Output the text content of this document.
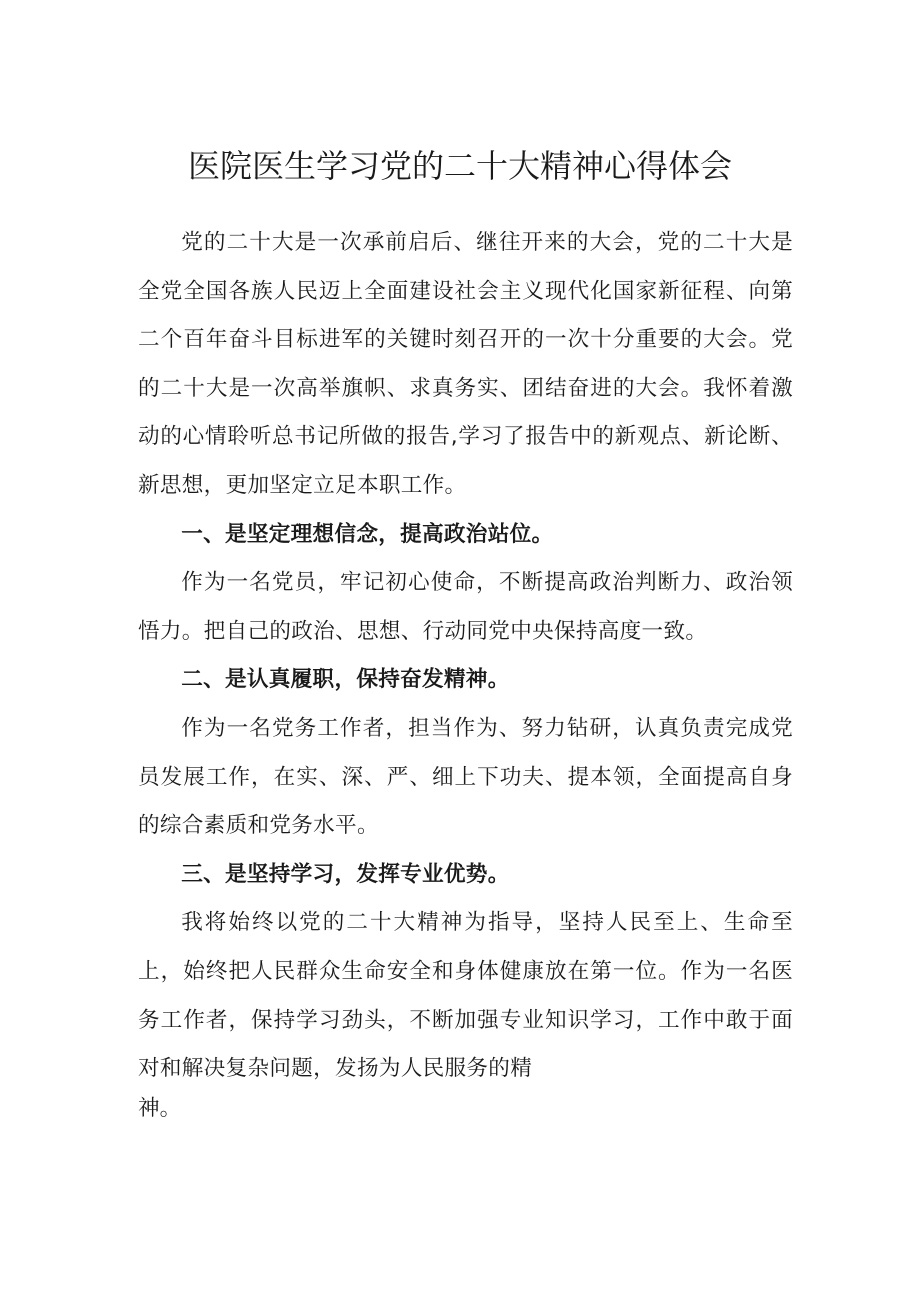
医院医生学习党的二十大精神心得体会

党的二十大是一次承前启后、继往开来的大会，党的二十大是全党全国各族人民迈上全面建设社会主义现代化国家新征程、向第二个百年奋斗目标进军的关键时刻召开的一次十分重要的大会。党的二十大是一次高举旗帜、求真务实、团结奋进的大会。我怀着激动的心情聆听总书记所做的报告,学习了报告中的新观点、新论断、新思想，更加坚定立足本职工作。

一、是坚定理想信念，提高政治站位。

作为一名党员，牢记初心使命，不断提高政治判断力、政治领悟力。把自己的政治、思想、行动同党中央保持高度一致。

二、是认真履职，保持奋发精神。

作为一名党务工作者，担当作为、努力钻研，认真负责完成党员发展工作，在实、深、严、细上下功夫、提本领，全面提高自身的综合素质和党务水平。

三、是坚持学习，发挥专业优势。

我将始终以党的二十大精神为指导，坚持人民至上、生命至上，始终把人民群众生命安全和身体健康放在第一位。作为一名医务工作者，保持学习劲头，不断加强专业知识学习，工作中敢于面对和解决复杂问题，发扬为人民服务的精

神。
